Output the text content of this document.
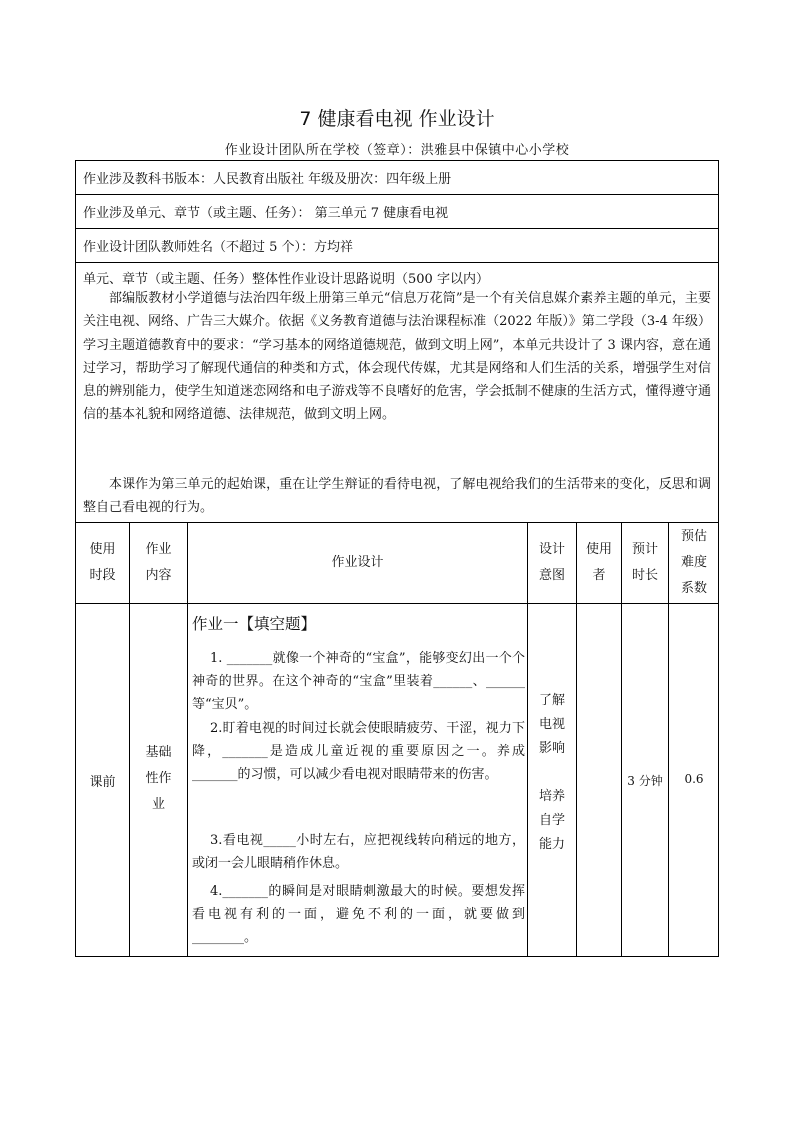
7 健康看电视 作业设计
作业设计团队所在学校（签章）：洪雅县中保镇中心小学校
作业涉及教科书版本：人民教育出版社 年级及册次：四年级上册
作业涉及单元、章节（或主题、任务）： 第三单元 7 健康看电视
作业设计团队教师姓名（不超过 5 个）：方均祥
单元、章节（或主题、任务）整体性作业设计思路说明（500 字以内）
部编版教材小学道德与法治四年级上册第三单元“信息万花筒”是一个有关信息媒介素养主题的单元，主要关注电视、网络、广告三大媒介。依据《义务教育道德与法治课程标准（2022 年版）》第二学段（3-4 年级）学习主题道德教育中的要求：“学习基本的网络道德规范，做到文明上网”，本单元共设计了 3 课内容，意在通过学习，帮助学习了解现代通信的种类和方式，体会现代传媒，尤其是网络和人们生活的关系，增强学生对信息的辨别能力，使学生知道迷恋网络和电子游戏等不良嗜好的危害，学会抵制不健康的生活方式，懂得遵守通信的基本礼貌和网络道德、法律规范，做到文明上网。
本课作为第三单元的起始课，重在让学生辩证的看待电视，了解电视给我们的生活带来的变化，反思和调整自己看电视的行为。
使用
时段
作业
内容
作业设计
设计
意图
使用
者
预计
时长
预估
难度
系数
课前
基础
性作
业
作业一【填空题】
1. _______就像一个神奇的“宝盒”，能够变幻出一个个神奇的世界。在这个神奇的“宝盒”里装着______、______等“宝贝”。
2.盯着电视的时间过长就会使眼睛疲劳、干涩，视力下降，_______是造成儿童近视的重要原因之一。养成_______的习惯，可以减少看电视对眼睛带来的伤害。
3.看电视_____小时左右，应把视线转向稍远的地方，或闭一会儿眼睛稍作休息。
4._______的瞬间是对眼睛刺激最大的时候。要想发挥看电视有利的一面，避免不利的一面，就要做到________。
了解
电视
影响
培养
自学
能力
3 分钟	0.6
